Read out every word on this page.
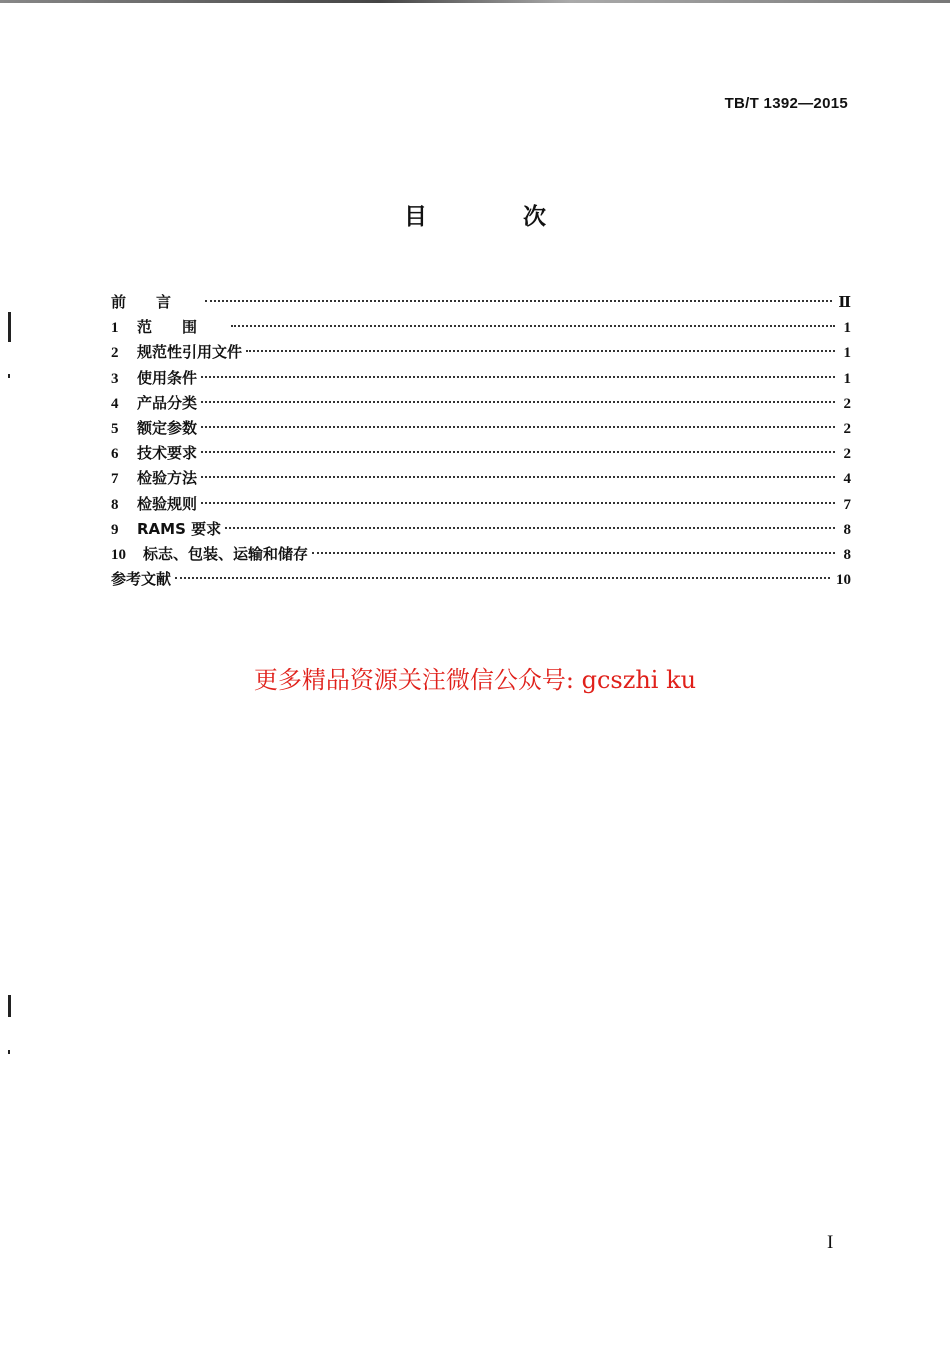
TB/T 1392—2015
目 次
前言	Ⅱ
1	范围	1
2	规范性引用文件	1
3	使用条件	1
4	产品分类	2
5	额定参数	2
6	技术要求	2
7	检验方法	4
8	检验规则	7
9	RAMS 要求	8
10	标志、包装、运输和储存	8
参考文献	10
更多精品资源关注微信公众号: gcszhi ku
I
